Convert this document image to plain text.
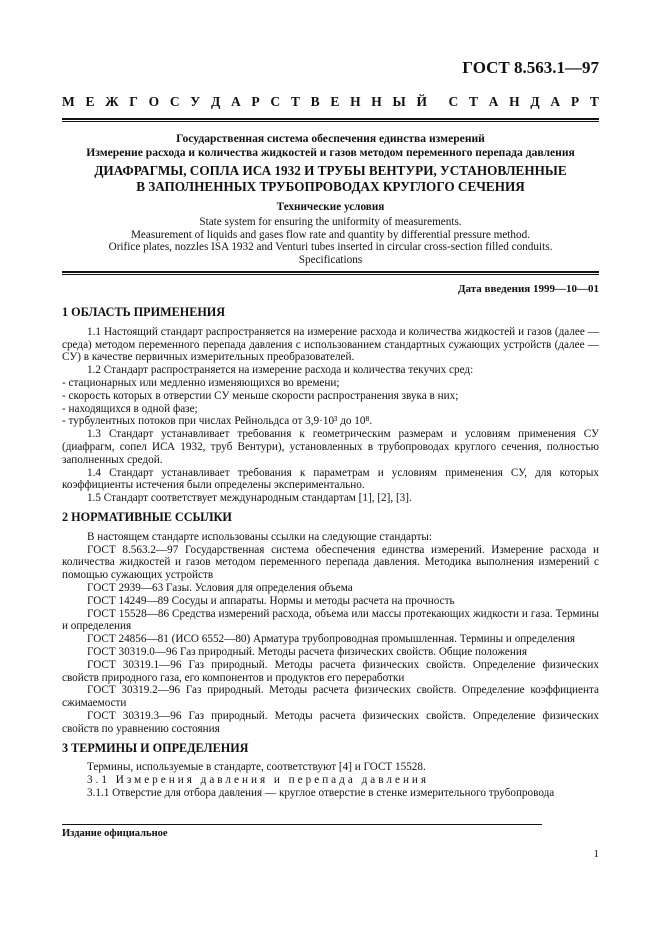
ГОСТ 8.563.1—97
М Е Ж Г О С У Д А Р С Т В Е Н Н Ы Й С Т А Н Д А Р Т
Государственная система обеспечения единства измерений
Измерение расхода и количества жидкостей и газов методом переменного перепада давления
ДИАФРАГМЫ, СОПЛА ИСА 1932 И ТРУБЫ ВЕНТУРИ, УСТАНОВЛЕННЫЕ
В ЗАПОЛНЕННЫХ ТРУБОПРОВОДАХ КРУГЛОГО СЕЧЕНИЯ
Технические условия
State system for ensuring the uniformity of measurements.
Measurement of liquids and gases flow rate and quantity by differential pressure method.
Orifice plates, nozzles ISA 1932 and Venturi tubes inserted in circular cross-section filled conduits.
Specifications
Дата введения 1999—10—01
1 ОБЛАСТЬ ПРИМЕНЕНИЯ

1.1 Настоящий стандарт распространяется на измерение расхода и количества жидкостей и газов (далее — среда) методом переменного перепада давления с использованием стандартных сужающих устройств (далее — СУ) в качестве первичных измерительных преобразователей.

1.2 Стандарт распространяется на измерение расхода и количества текучих сред:

- стационарных или медленно изменяющихся во времени;

- скорость которых в отверстии СУ меньше скорости распространения звука в них;

- находящихся в одной фазе;

- турбулентных потоков при числах Рейнольдса от 3,9·10³ до 10⁸.

1.3 Стандарт устанавливает требования к геометрическим размерам и условиям применения СУ (диафрагм, сопел ИСА 1932, труб Вентури), установленных в трубопроводах круглого сечения, полностью заполненных средой.

1.4 Стандарт устанавливает требования к параметрам и условиям применения СУ, для которых коэффициенты истечения были определены экспериментально.

1.5 Стандарт соответствует международным стандартам [1], [2], [3].

2 НОРМАТИВНЫЕ ССЫЛКИ

В настоящем стандарте использованы ссылки на следующие стандарты:

ГОСТ 8.563.2—97 Государственная система обеспечения единства измерений. Измерение расхода и количества жидкостей и газов методом переменного перепада давления. Методика выполнения измерений с помощью сужающих устройств

ГОСТ 2939—63 Газы. Условия для определения объема

ГОСТ 14249—89 Сосуды и аппараты. Нормы и методы расчета на прочность

ГОСТ 15528—86 Средства измерений расхода, объема или массы протекающих жидкости и газа. Термины и определения

ГОСТ 24856—81 (ИСО 6552—80) Арматура трубопроводная промышленная. Термины и определения

ГОСТ 30319.0—96 Газ природный. Методы расчета физических свойств. Общие положения

ГОСТ 30319.1—96 Газ природный. Методы расчета физических свойств. Определение физических свойств природного газа, его компонентов и продуктов его переработки

ГОСТ 30319.2—96 Газ природный. Методы расчета физических свойств. Определение коэффициента сжимаемости

ГОСТ 30319.3—96 Газ природный. Методы расчета физических свойств. Определение физических свойств по уравнению состояния

3 ТЕРМИНЫ И ОПРЕДЕЛЕНИЯ

Термины, используемые в стандарте, соответствуют [4] и ГОСТ 15528.

3.1 Измерения давления и перепада давления

3.1.1 Отверстие для отбора давления — круглое отверстие в стенке измерительного трубопровода

Издание официальное
1
